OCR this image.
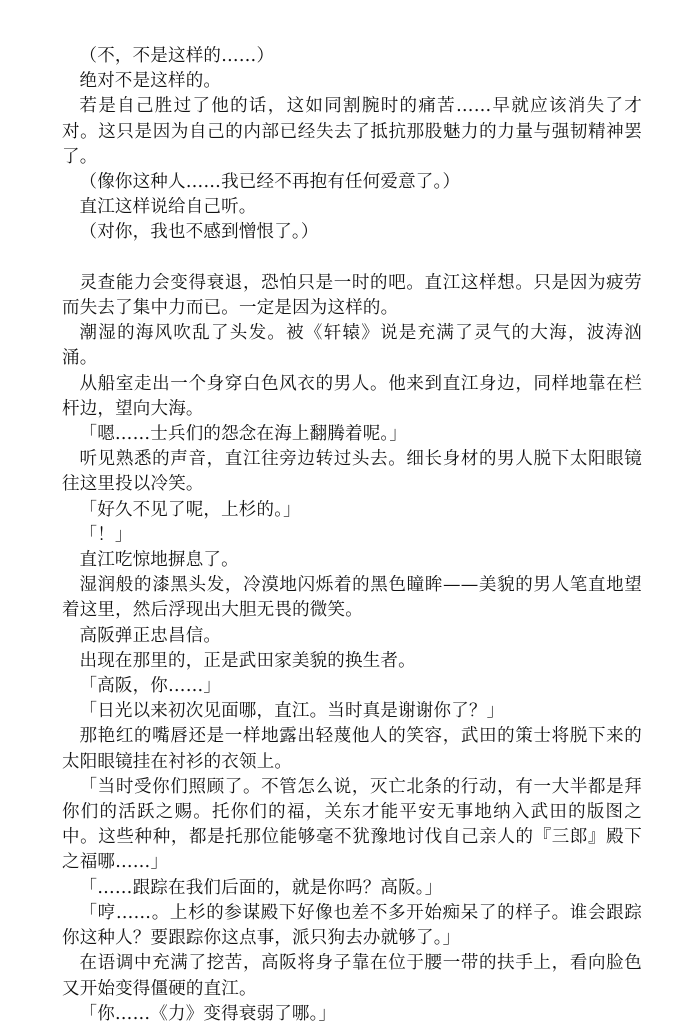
（不，不是这样的……）

绝对不是这样的。

若是自己胜过了他的话，这如同割腕时的痛苦……早就应该消失了才对。这只是因为自己的内部已经失去了抵抗那股魅力的力量与强韧精神罢了。

（像你这种人……我已经不再抱有任何爱意了。）

直江这样说给自己听。

（对你，我也不感到憎恨了。）

灵查能力会变得衰退，恐怕只是一时的吧。直江这样想。只是因为疲劳而失去了集中力而已。一定是因为这样的。

潮湿的海风吹乱了头发。被《轩辕》说是充满了灵气的大海，波涛汹涌。

从船室走出一个身穿白色风衣的男人。他来到直江身边，同样地靠在栏杆边，望向大海。

「嗯……士兵们的怨念在海上翻腾着呢。」

听见熟悉的声音，直江往旁边转过头去。细长身材的男人脱下太阳眼镜往这里投以冷笑。

「好久不见了呢，上杉的。」

「！」

直江吃惊地摒息了。

湿润般的漆黑头发，冷漠地闪烁着的黑色瞳眸——美貌的男人笔直地望着这里，然后浮现出大胆无畏的微笑。

高阪弹正忠昌信。

出现在那里的，正是武田家美貌的换生者。

「高阪，你……」

「日光以来初次见面哪，直江。当时真是谢谢你了？」

那艳红的嘴唇还是一样地露出轻蔑他人的笑容，武田的策士将脱下来的太阳眼镜挂在衬衫的衣领上。

「当时受你们照顾了。不管怎么说，灭亡北条的行动，有一大半都是拜你们的活跃之赐。托你们的福，关东才能平安无事地纳入武田的版图之中。这些种种，都是托那位能够毫不犹豫地讨伐自己亲人的『三郎』殿下之福哪……」

「……跟踪在我们后面的，就是你吗？高阪。」

「哼……。上杉的参谋殿下好像也差不多开始痴呆了的样子。谁会跟踪你这种人？要跟踪你这点事，派只狗去办就够了。」

在语调中充满了挖苦，高阪将身子靠在位于腰一带的扶手上，看向脸色又开始变得僵硬的直江。

「你……《力》变得衰弱了哪。」
